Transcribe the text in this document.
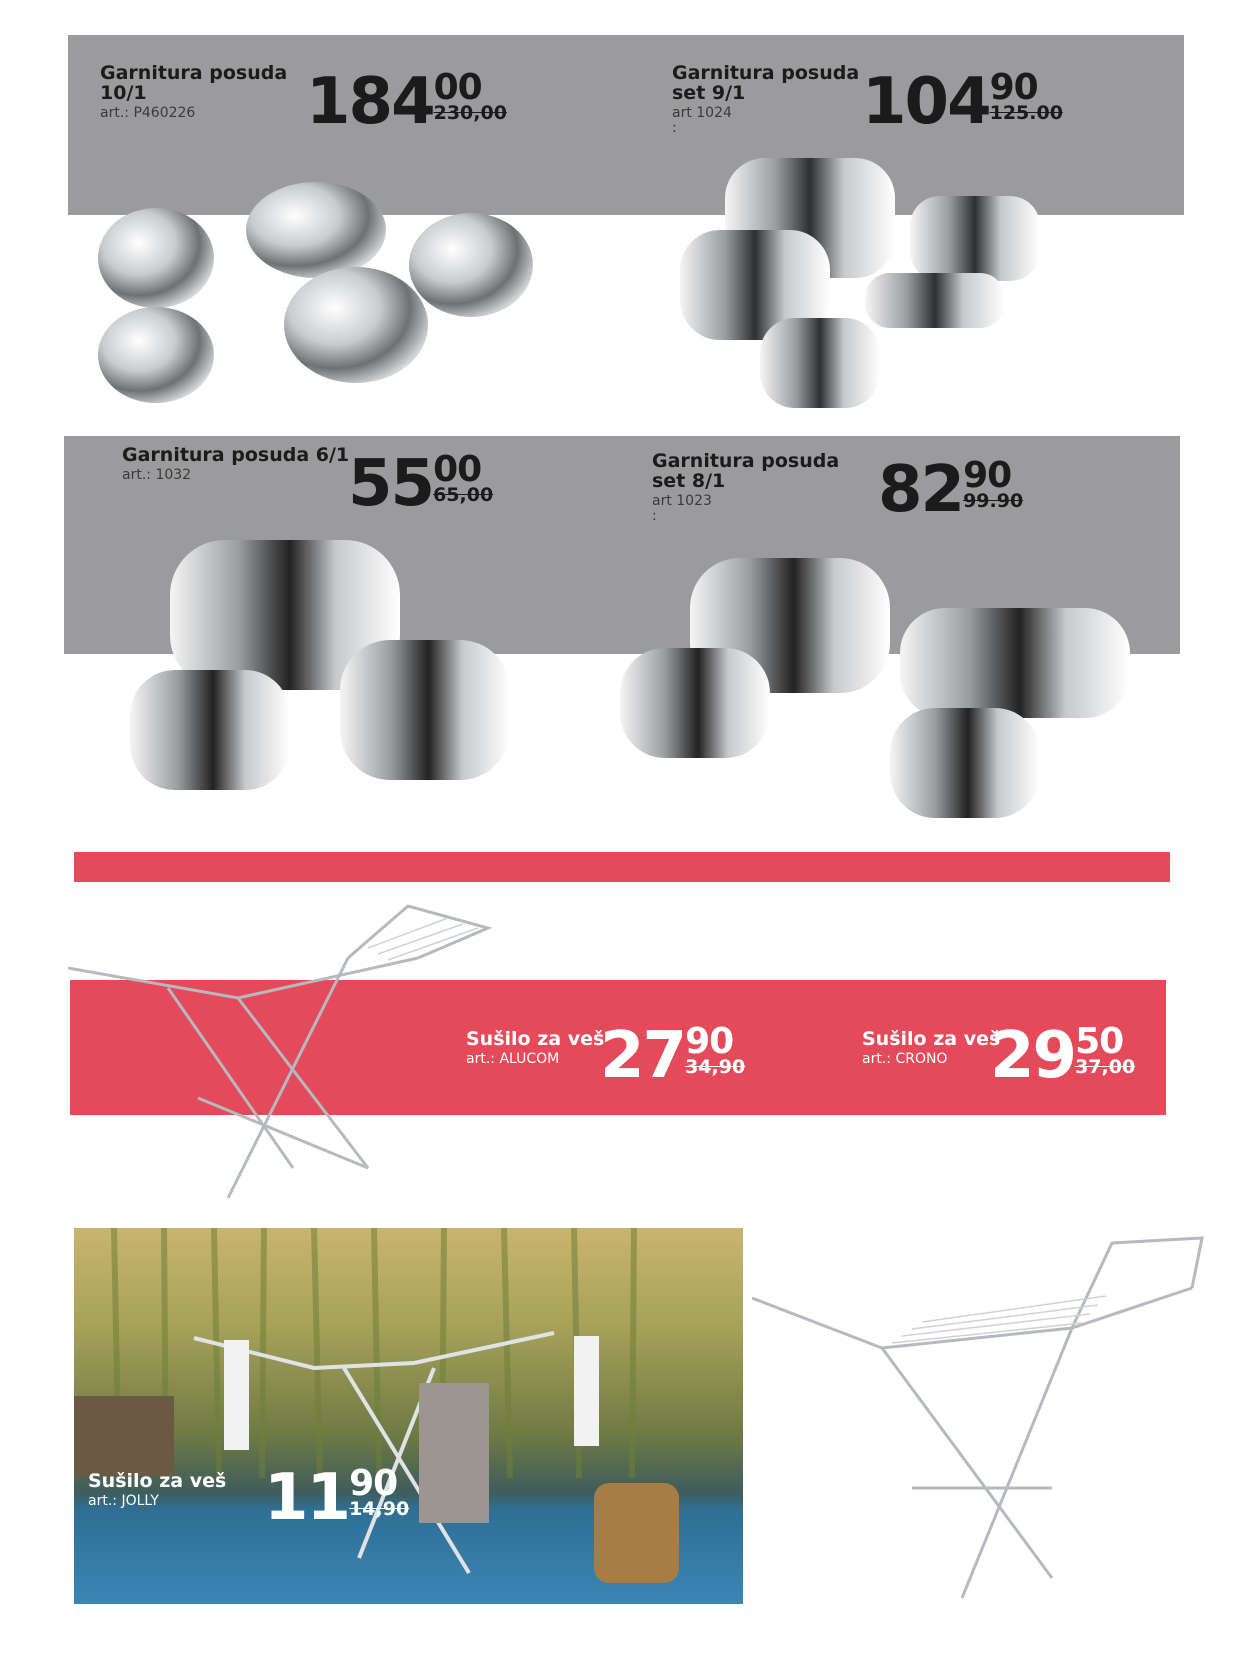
Garnitura posuda
10/1
art.: P460226	184 00
230,00
Garnitura posuda
set 9/1
art 1024
:	104 90
125.00
Garnitura posuda 6/1
art.: 1032	55 00
65,00
Garnitura posuda
set 8/1
art 1023
:	82 90
99.90
Sušilo za veš
art.: ALUCOM 27 90
34,90
Sušilo za veš
art.: CRONO 29 50
37,00
Sušilo za veš
art.: JOLLY	11 90
14,90
